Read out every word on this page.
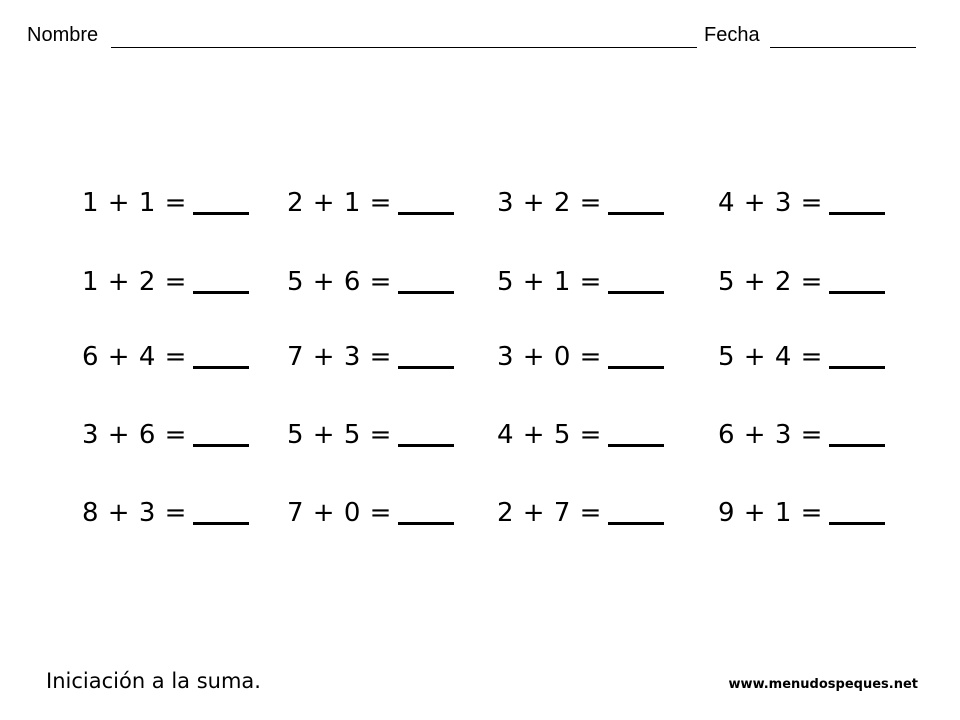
Nombre	Fecha
1 + 1 =	2 + 1 =	3 + 2 =	4 + 3 =
1 + 2 =	5 + 6 =	5 + 1 =	5 + 2 =
6 + 4 =	7 + 3 =	3 + 0 =	5 + 4 =
3 + 6 =	5 + 5 =	4 + 5 =	6 + 3 =
8 + 3 =	7 + 0 =	2 + 7 =	9 + 1 =
Iniciación a la suma.	www.menudospeques.net
